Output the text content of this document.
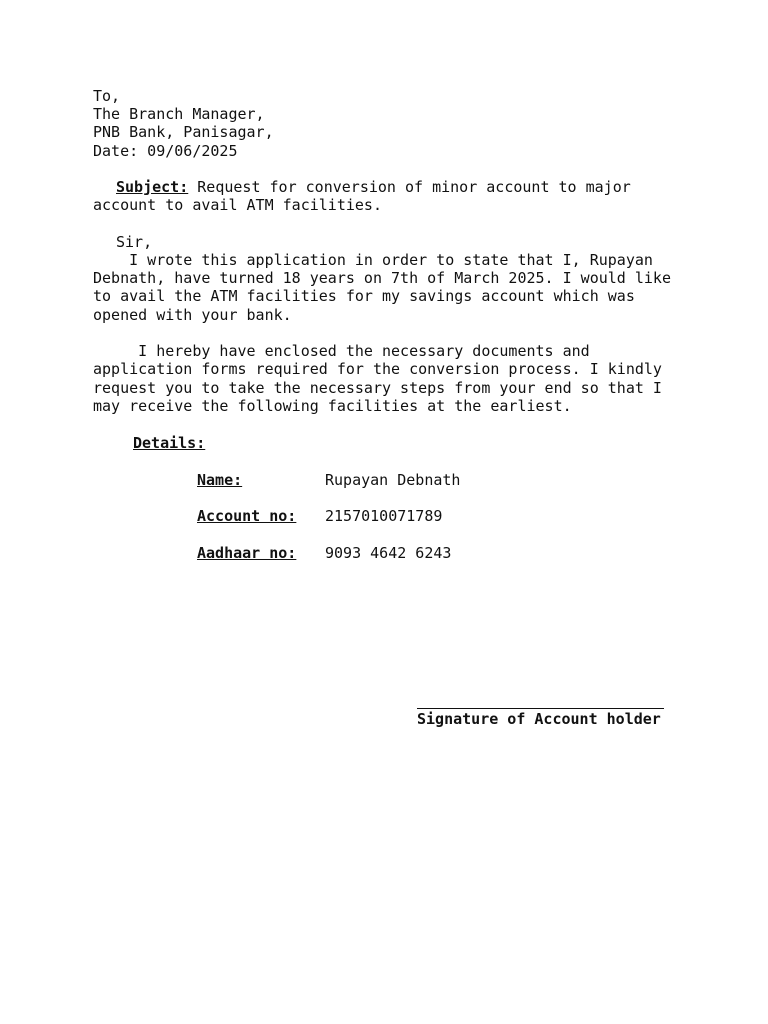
To,
The Branch Manager,
PNB Bank, Panisagar,
Date: 09/06/2025
Subject: Request for conversion of minor account to major
account to avail ATM facilities.
Sir,
I wrote this application in order to state that I, Rupayan
Debnath, have turned 18 years on 7th of March 2025. I would like
to avail the ATM facilities for my savings account which was
opened with your bank.
I hereby have enclosed the necessary documents and
application forms required for the conversion process. I kindly
request you to take the necessary steps from your end so that I
may receive the following facilities at the earliest.
Details:
Name:	Rupayan Debnath
Account no: 2157010071789
Aadhaar no: 9093 4642 6243
Signature of Account holder
